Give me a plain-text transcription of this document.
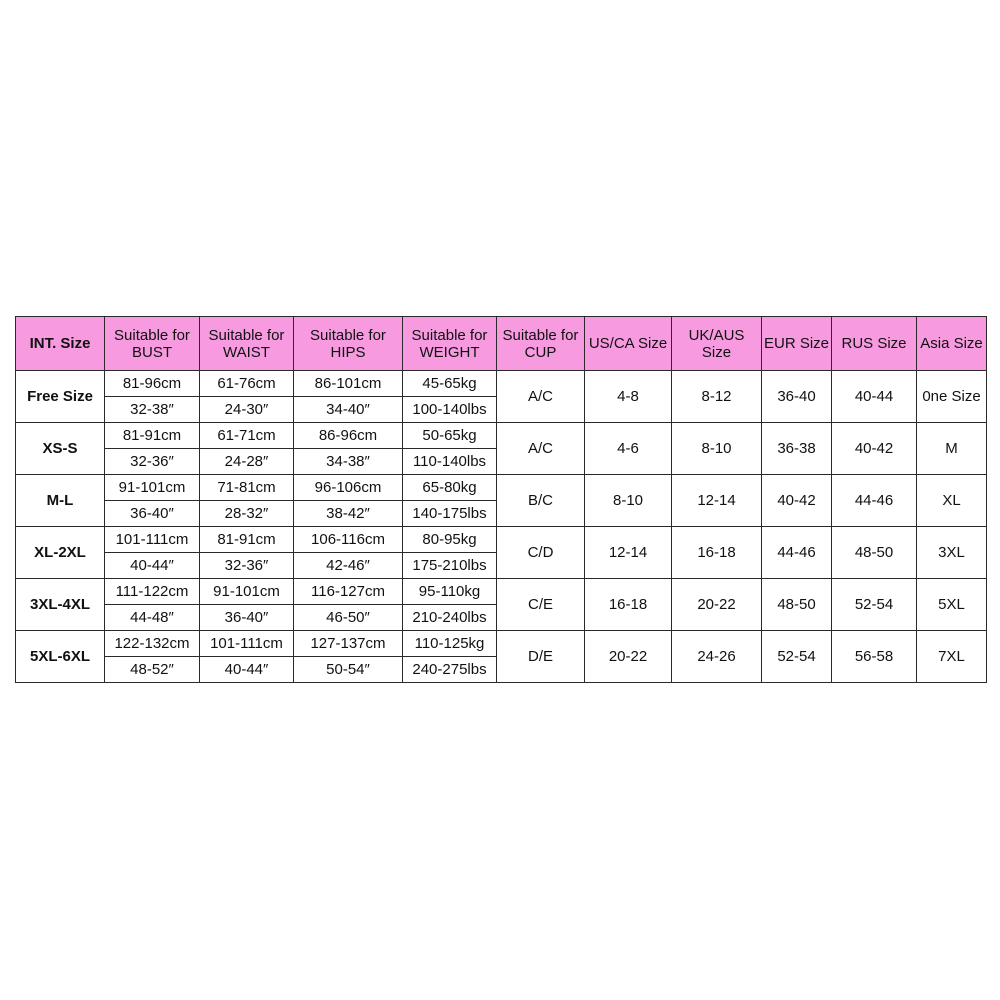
INT. Size	Suitable for BUST	Suitable for WAIST	Suitable for HIPS	Suitable for WEIGHT	Suitable for CUP	US/CA Size	UK/AUS Size	EUR Size	RUS Size	Asia Size
Free Size	81-96cm	61-76cm	86-101cm	45-65kg	A/C	4-8	8-12	36-40	40-44	0ne Size
	32-38″	24-30″	34-40″	100-140lbs						
XS-S	81-91cm	61-71cm	86-96cm	50-65kg	A/C	4-6	8-10	36-38	40-42	M
	32-36″	24-28″	34-38″	110-140lbs						
M-L	91-101cm	71-81cm	96-106cm	65-80kg	B/C	8-10	12-14	40-42	44-46	XL
	36-40″	28-32″	38-42″	140-175lbs						
XL-2XL	101-111cm	81-91cm	106-116cm	80-95kg	C/D	12-14	16-18	44-46	48-50	3XL
	40-44″	32-36″	42-46″	175-210lbs						
3XL-4XL	111-122cm	91-101cm	116-127cm	95-110kg	C/E	16-18	20-22	48-50	52-54	5XL
	44-48″	36-40″	46-50″	210-240lbs						
5XL-6XL	122-132cm	101-111cm	127-137cm	110-125kg	D/E	20-22	24-26	52-54	56-58	7XL
	48-52″	40-44″	50-54″	240-275lbs						
